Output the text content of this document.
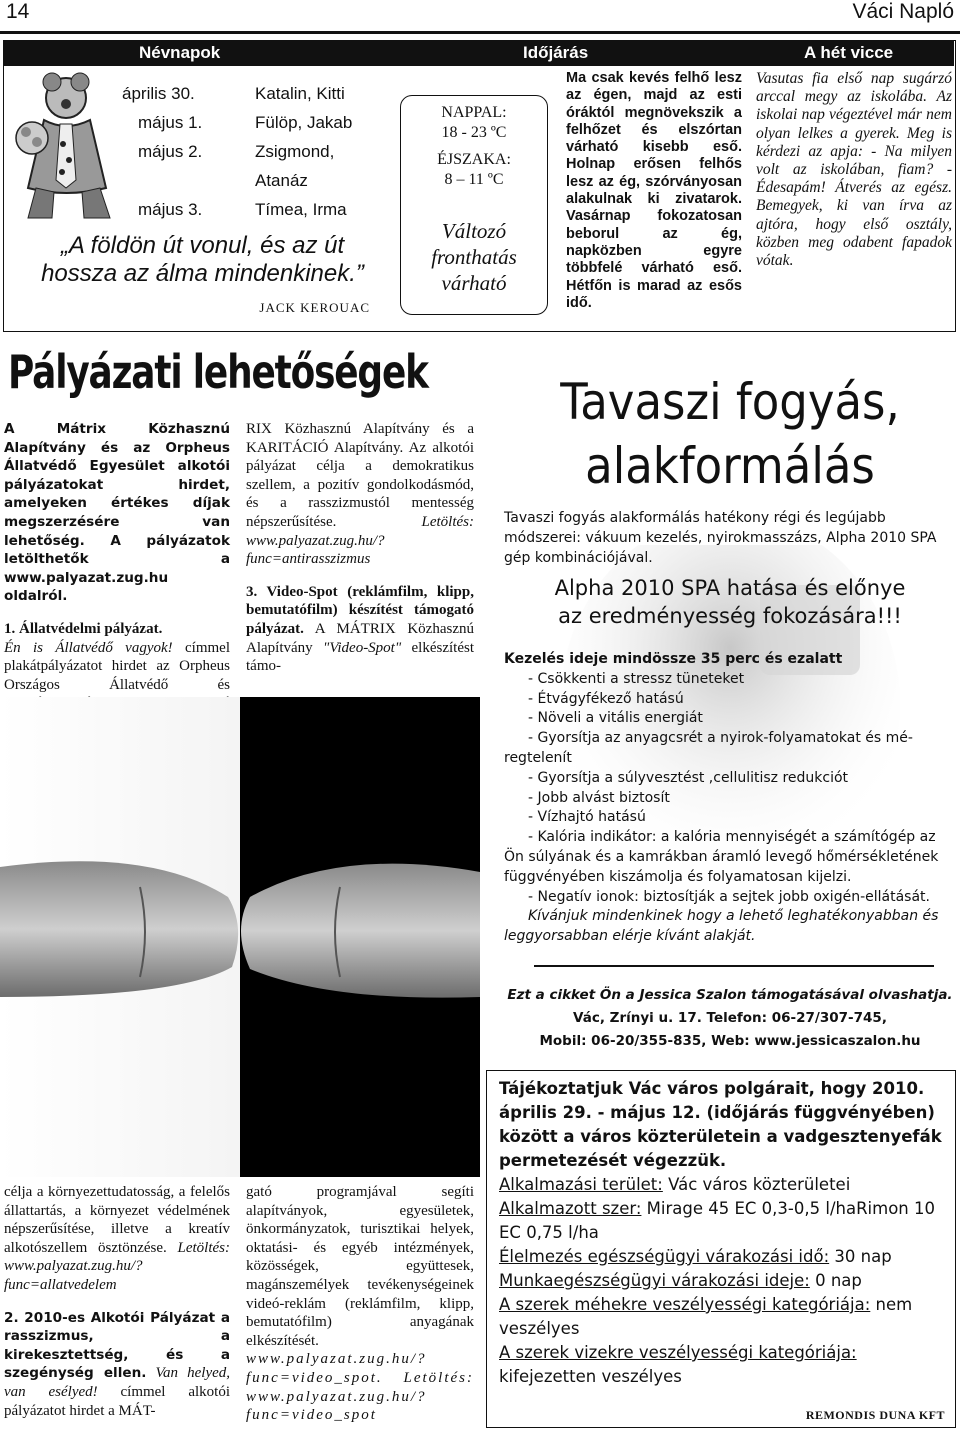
14	Váci Napló
Névnapok	Időjárás	A hét vicce
április 30.	Katalin, Kitti
május 1.	Fülöp, Jakab
május 2.	Zsigmond,
Atanáz
május 3.	Tímea, Irma
„A földön út vonul, és az út
hossza az álma mindenkinek.”
JACK KEROUAC
NAPPAL:
18 - 23 ºC
ÉJSZAKA:
8 – 11 ºC
Változó
fronthatás
várható
Ma csak kevés felhő lesz az égen, majd az esti óráktól megnövekszik a felhőzet és elszórtan várható kisebb eső. Holnap erősen felhős lesz az ég, szórványosan alakulnak ki zivatarok. Vasárnap fokozatosan beborul az ég, napközben egyre többfelé várható eső. Hétfőn is marad az esős idő.
Vasutas fia első nap sugárzó arccal megy az iskolába. Az iskolai nap végeztével már nem olyan lelkes a gyerek. Meg is kérdezi az apja: - Na milyen volt az iskolában, fiam? - Édesapám! Átverés az egész. Bemegyek, ki van írva az ajtóra, hogy első osztály, közben meg odabent fapadok vótak.
Pályázati lehetőségek
A Mátrix Közhasznú Alapítvány és az Orpheus Állatvédő Egyesület alkotói pályázatokat hirdet, amelyeken értékes díjak megszerzésére van lehetőség. A pályázatok letölthetők a www.palyazat.zug.hu oldalról.
1. Állatvédelmi pályázat.
Én is Állatvédő vagyok! címmel plakátpályázatot hirdet az Orpheus Országos Állatvédő és
RIX Közhasznú Alapítvány és a KARITÁCIÓ Alapítvány. Az alkotói pályázat célja a demokratikus szellem, a pozitív gondolkodásmód, és a rasszizmustól mentesség népszerűsítése.	Letöltés: www.palyazat.zug.hu/?func=antirasszizmus
3. Video-Spot (reklámfilm, klipp, bemutatófilm) készítést támogató pályázat. A MÁTRIX Közhasznú Alapítvány "Video-Spot" elkészítést támo-
célja a környezettudatosság, a felelős állattartás, a környezet védelmének népszerűsítése, illetve a kreatív alkotószellem ösztönzése. Letöltés: www.palyazat.zug.hu/?func=allatvedelem
2. 2010-es Alkotói Pályázat a rasszizmus, a kirekesztettség, és a szegénység ellen. Van helyed, van esélyed! címmel alkotói pályázatot hirdet a MÁT-
gató programjával segíti alapítványok, egyesületek, önkormányzatok, turisztikai helyek, oktatási- és egyéb intézmények, közösségek, együttesek, magánszemélyek tevékenységeinek videó-reklám (reklámfilm, klipp, bemutatófilm) anyagának elkészítését. www.palyazat.zug.hu/?func=video_spot. Letöltés: www.palyazat.zug.hu/?func=video_spot
Tavaszi fogyás,
alakformálás
Tavaszi fogyás alakformálás hatékony régi és legújabb módszerei: vákuum kezelés, nyirokmasszázs, Alpha 2010 SPA gép kombinációjával.
Alpha 2010 SPA hatása és előnye
az eredményesség fokozására!!!
Kezelés ideje mindössze 35 perc és ezalatt
- Csökkenti a stressz tüneteket
- Étvágyfékező hatású
- Növeli a vitális energiát
- Gyorsítja az anyagcsrét a nyirok-folyamatokat és mé-
regtelenít
- Gyorsítja a súlyvesztést ,cellulitisz redukciót
- Jobb alvást biztosít
- Vízhajtó hatású
- Kalória indikátor: a kalória mennyiségét a számítógép az Ön súlyának és a kamrákban áramló levegő hőmérsékletének függvényében kiszámolja és folyamatosan kijelzi.
- Negatív ionok: biztosítják a sejtek jobb oxigén-ellátását.
Kívánjuk mindenkinek hogy a lehető leghatékonyabban és leggyorsabban elérje kívánt alakját.
Ezt a cikket Ön a Jessica Szalon támogatásával olvashatja.
Vác, Zrínyi u. 17. Telefon: 06-27/307-745,
Mobil: 06-20/355-835, Web: www.jessicaszalon.hu
Tájékoztatjuk Vác város polgárait, hogy 2010. április 29. - május 12. (időjárás függvényében) között a város közterületein a vadgesztenyefák permetezését végezzük.
Alkalmazási terület: Vác város közterületei
Alkalmazott szer: Mirage 45 EC 0,3-0,5 l/haRimon 10 EC 0,75 l/ha
Élelmezés egészségügyi várakozási idő: 30 nap
Munkaegészségügyi várakozási ideje: 0 nap
A szerek méhekre veszélyességi kategóriája: nem veszélyes
A szerek vizekre veszélyességi kategóriája: kifejezetten veszélyes
REMONDIS DUNA KFT
